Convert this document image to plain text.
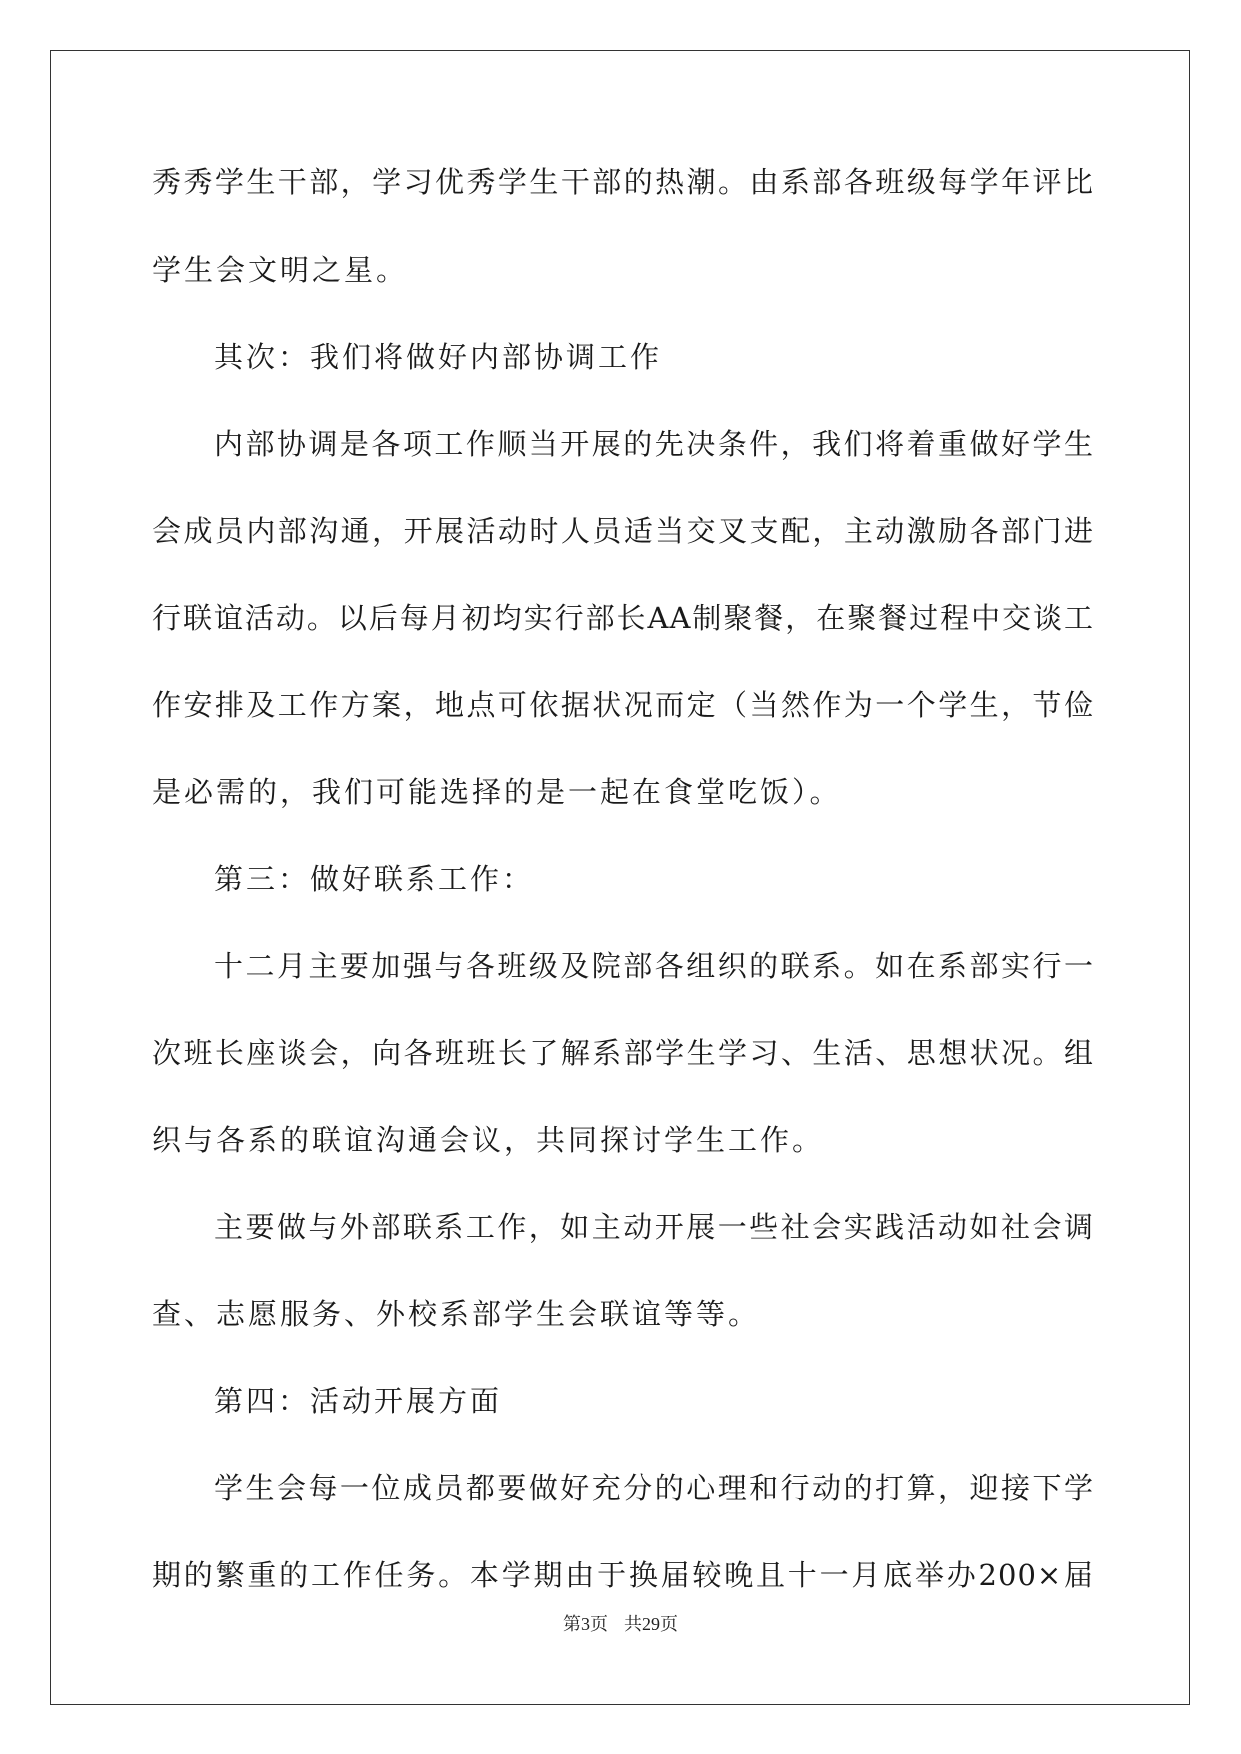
秀秀学生干部，学习优秀学生干部的热潮。由系部各班级每学年评比
学生会文明之星。
其次：我们将做好内部协调工作
内部协调是各项工作顺当开展的先决条件，我们将着重做好学生
会成员内部沟通，开展活动时人员适当交叉支配，主动激励各部门进
行联谊活动。以后每月初均实行部长AA制聚餐，在聚餐过程中交谈工
作安排及工作方案，地点可依据状况而定（当然作为一个学生，节俭
是必需的，我们可能选择的是一起在食堂吃饭）。
第三：做好联系工作：
十二月主要加强与各班级及院部各组织的联系。如在系部实行一
次班长座谈会，向各班班长了解系部学生学习、生活、思想状况。组
织与各系的联谊沟通会议，共同探讨学生工作。
主要做与外部联系工作，如主动开展一些社会实践活动如社会调
查、志愿服务、外校系部学生会联谊等等。
第四：活动开展方面
学生会每一位成员都要做好充分的心理和行动的打算，迎接下学
期的繁重的工作任务。本学期由于换届较晚且十一月底举办200×届
第3页 共29页
